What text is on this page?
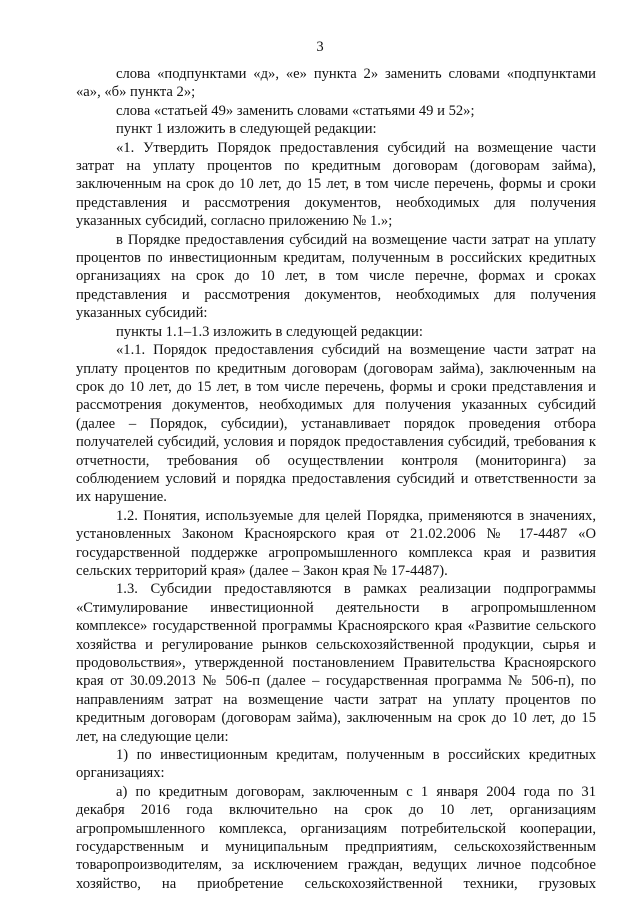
3

слова «подпунктами «д», «е» пункта 2» заменить словами «подпунктами «а», «б» пункта 2»;

слова «статьей 49» заменить словами «статьями 49 и 52»;

пункт 1 изложить в следующей редакции:

«1. Утвердить Порядок предоставления субсидий на возмещение части затрат на уплату процентов по кредитным договорам (договорам займа), заключенным на срок до 10 лет, до 15 лет, в том числе перечень, формы и сроки представления и рассмотрения документов, необходимых для получения указанных субсидий, согласно приложению № 1.»;

в Порядке предоставления субсидий на возмещение части затрат на уплату процентов по инвестиционным кредитам, полученным в российских кредитных организациях на срок до 10 лет, в том числе перечне, формах и сроках представления и рассмотрения документов, необходимых для получения указанных субсидий:

пункты 1.1–1.3 изложить в следующей редакции:

«1.1. Порядок предоставления субсидий на возмещение части затрат на уплату процентов по кредитным договорам (договорам займа), заключенным на срок до 10 лет, до 15 лет, в том числе перечень, формы и сроки представления и рассмотрения документов, необходимых для получения указанных субсидий (далее – Порядок, субсидии), устанавливает порядок проведения отбора получателей субсидий, условия и порядок предоставления субсидий, требования к отчетности, требования об осуществлении контроля (мониторинга) за соблюдением условий и порядка предоставления субсидий и ответственности за их нарушение.

1.2. Понятия, используемые для целей Порядка, применяются в значениях, установленных Законом Красноярского края от 21.02.2006 № 17-4487 «О государственной поддержке агропромышленного комплекса края и развития сельских территорий края» (далее – Закон края № 17-4487).

1.3. Субсидии предоставляются в рамках реализации подпрограммы «Стимулирование инвестиционной деятельности в агропромышленном комплексе» государственной программы Красноярского края «Развитие сельского хозяйства и регулирование рынков сельскохозяйственной продукции, сырья и продовольствия», утвержденной постановлением Правительства Красноярского края от 30.09.2013 № 506-п (далее – государственная программа № 506-п), по направлениям затрат на возмещение части затрат на уплату процентов по кредитным договорам (договорам займа), заключенным на срок до 10 лет, до 15 лет, на следующие цели:

1) по инвестиционным кредитам, полученным в российских кредитных организациях:

а) по кредитным договорам, заключенным с 1 января 2004 года по 31 декабря 2016 года включительно на срок до 10 лет, организациям агропромышленного комплекса, организациям потребительской кооперации, государственным и муниципальным предприятиям, сельскохозяйственным товаропроизводителям, за исключением граждан, ведущих личное подсобное хозяйство, на приобретение сельскохозяйственной техники, грузовых
